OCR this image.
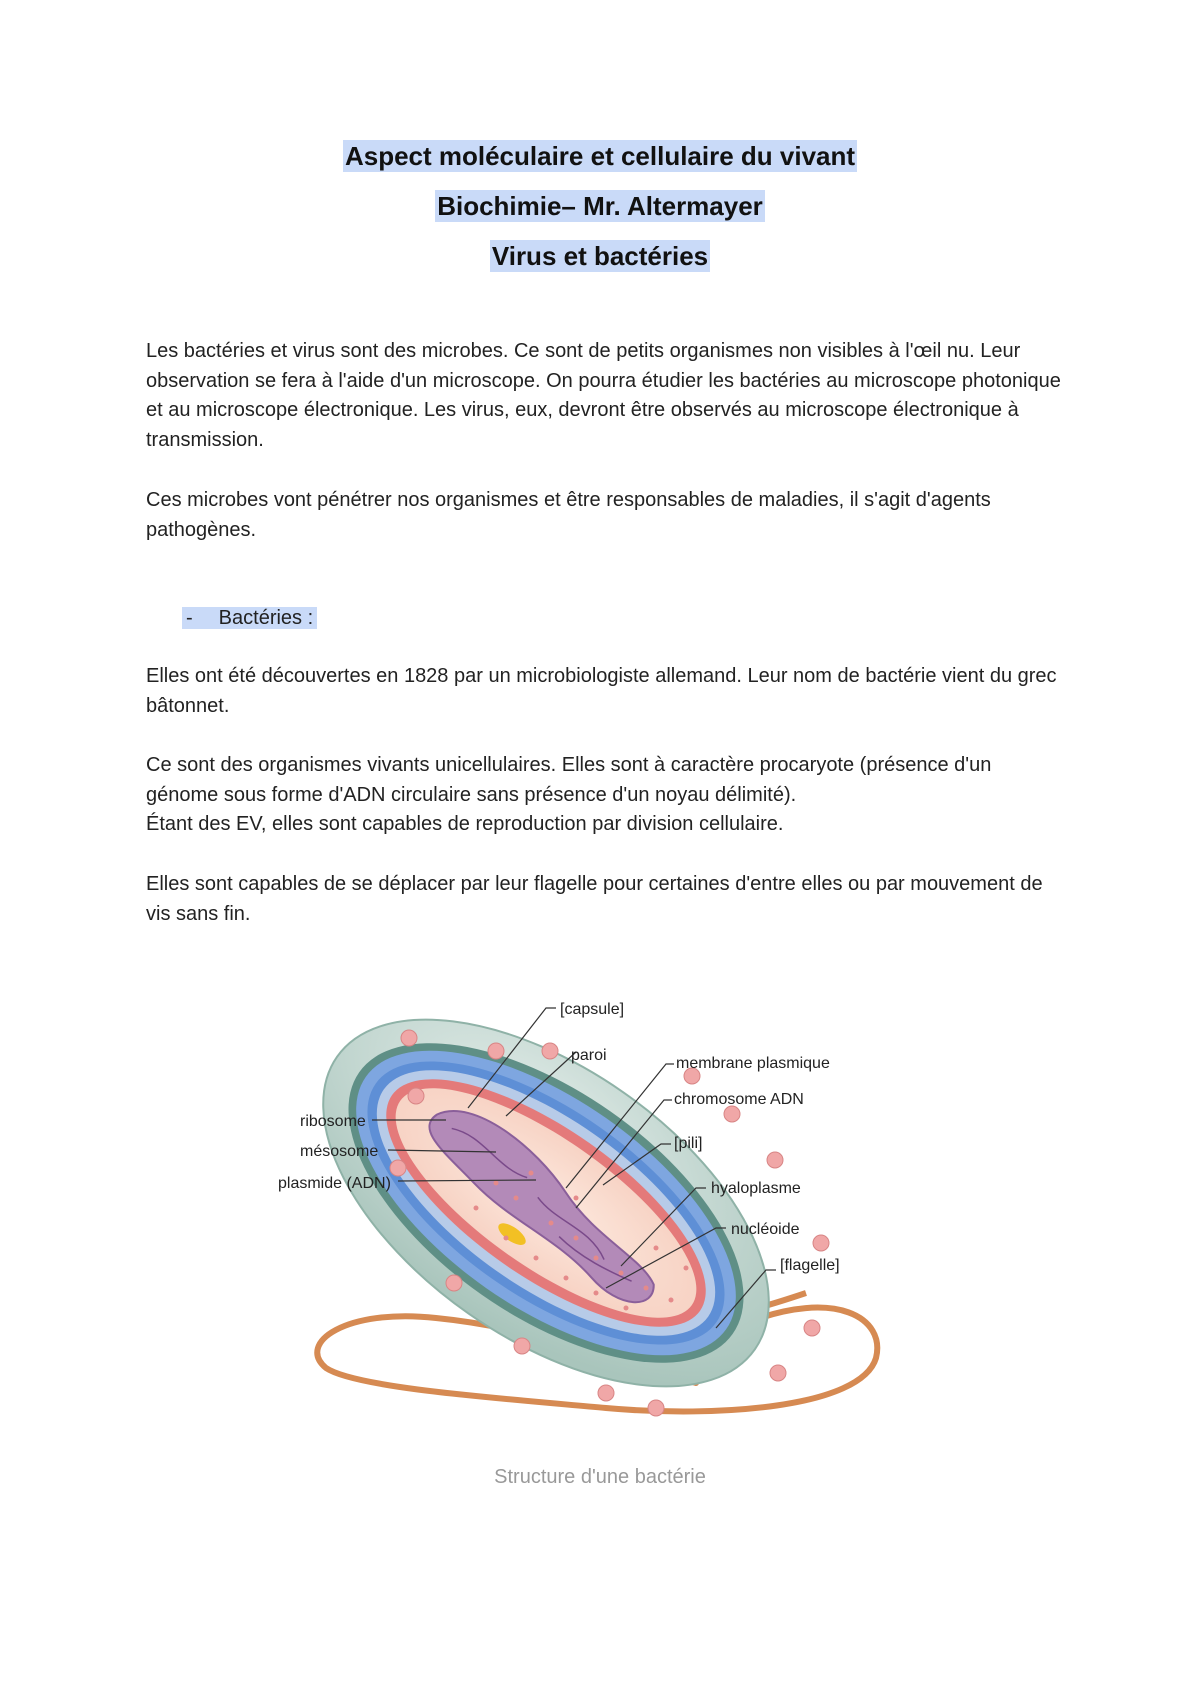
Aspect moléculaire et cellulaire du vivant
Biochimie– Mr. Altermayer
Virus et bactéries
Les bactéries et virus sont des microbes. Ce sont de petits organismes non visibles à l'œil nu. Leur observation se fera à l'aide d'un microscope. On pourra étudier les bactéries au microscope photonique et au microscope électronique. Les virus, eux, devront être observés au microscope électronique à transmission.
Ces microbes vont pénétrer nos organismes et être responsables de maladies, il s'agit d'agents pathogènes.
- Bactéries :
Elles ont été découvertes en 1828 par un microbiologiste allemand. Leur nom de bactérie vient du grec bâtonnet.
Ce sont des organismes vivants unicellulaires. Elles sont à caractère procaryote (présence d'un génome sous forme d'ADN circulaire sans présence d'un noyau délimité).
Étant des EV, elles sont capables de reproduction par division cellulaire.
Elles sont capables de se déplacer par leur flagelle pour certaines d'entre elles ou par mouvement de vis sans fin.
[capsule]
paroi	membrane plasmique
chromosome ADN
[pili]
hyaloplasme
nucléoide
[flagelle]
ribosome
mésosome
plasmide (ADN)
Structure d'une bactérie
